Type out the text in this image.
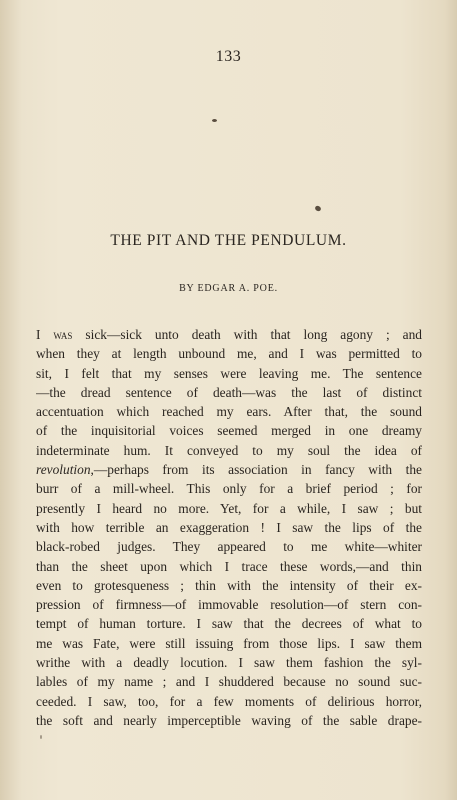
133
THE PIT AND THE PENDULUM.
BY EDGAR A. POE.
I was sick—sick unto death with that long agony ; and
when they at length unbound me, and I was permitted to
sit, I felt that my senses were leaving me. The sentence
—the dread sentence of death—was the last of distinct
accentuation which reached my ears. After that, the sound
of the inquisitorial voices seemed merged in one dreamy
indeterminate hum. It conveyed to my soul the idea of
revolution,—perhaps from its association in fancy with the
burr of a mill-wheel. This only for a brief period ; for
presently I heard no more. Yet, for a while, I saw ; but
with how terrible an exaggeration ! I saw the lips of the
black-robed judges. They appeared to me white—whiter
than the sheet upon which I trace these words,—and thin
even to grotesqueness ; thin with the intensity of their ex-
pression of firmness—of immovable resolution—of stern con-
tempt of human torture. I saw that the decrees of what to
me was Fate, were still issuing from those lips. I saw them
writhe with a deadly locution. I saw them fashion the syl-
lables of my name ; and I shuddered because no sound suc-
ceeded. I saw, too, for a few moments of delirious horror,
the soft and nearly imperceptible waving of the sable drape-
